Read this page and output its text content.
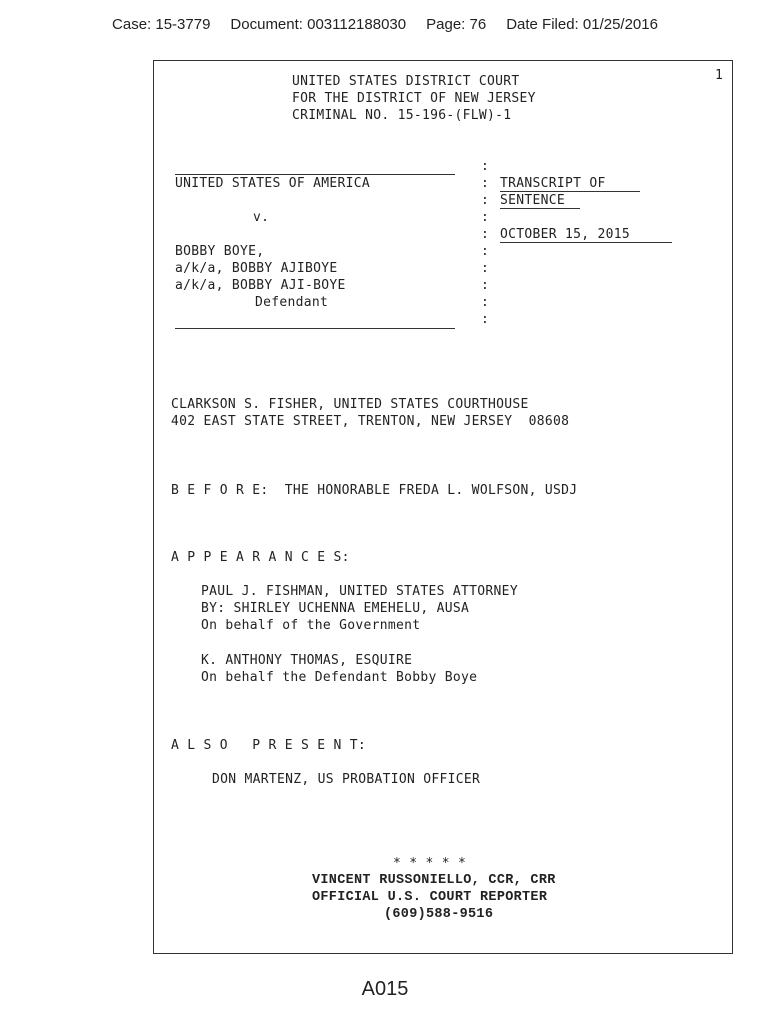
Case: 15-3779 Document: 003112188030 Page: 76 Date Filed: 01/25/2016
1
UNITED STATES DISTRICT COURT
FOR THE DISTRICT OF NEW JERSEY
CRIMINAL NO. 15-196-(FLW)-1
UNITED STATES OF AMERICA
v.
BOBBY BOYE,
a/k/a, BOBBY AJIBOYE
a/k/a, BOBBY AJI-BOYE
Defendant
:
:
:
:
:
:
:
:
:
:
TRANSCRIPT OF
SENTENCE
OCTOBER 15, 2015
CLARKSON S. FISHER, UNITED STATES COURTHOUSE
402 EAST STATE STREET, TRENTON, NEW JERSEY  08608
B E F O R E:  THE HONORABLE FREDA L. WOLFSON, USDJ
A P P E A R A N C E S:
PAUL J. FISHMAN, UNITED STATES ATTORNEY
BY: SHIRLEY UCHENNA EMEHELU, AUSA
On behalf of the Government
K. ANTHONY THOMAS, ESQUIRE
On behalf the Defendant Bobby Boye
A L S O   P R E S E N T:
DON MARTENZ, US PROBATION OFFICER
* * * * *
VINCENT RUSSONIELLO, CCR, CRR
OFFICIAL U.S. COURT REPORTER
(609)588-9516
A015
